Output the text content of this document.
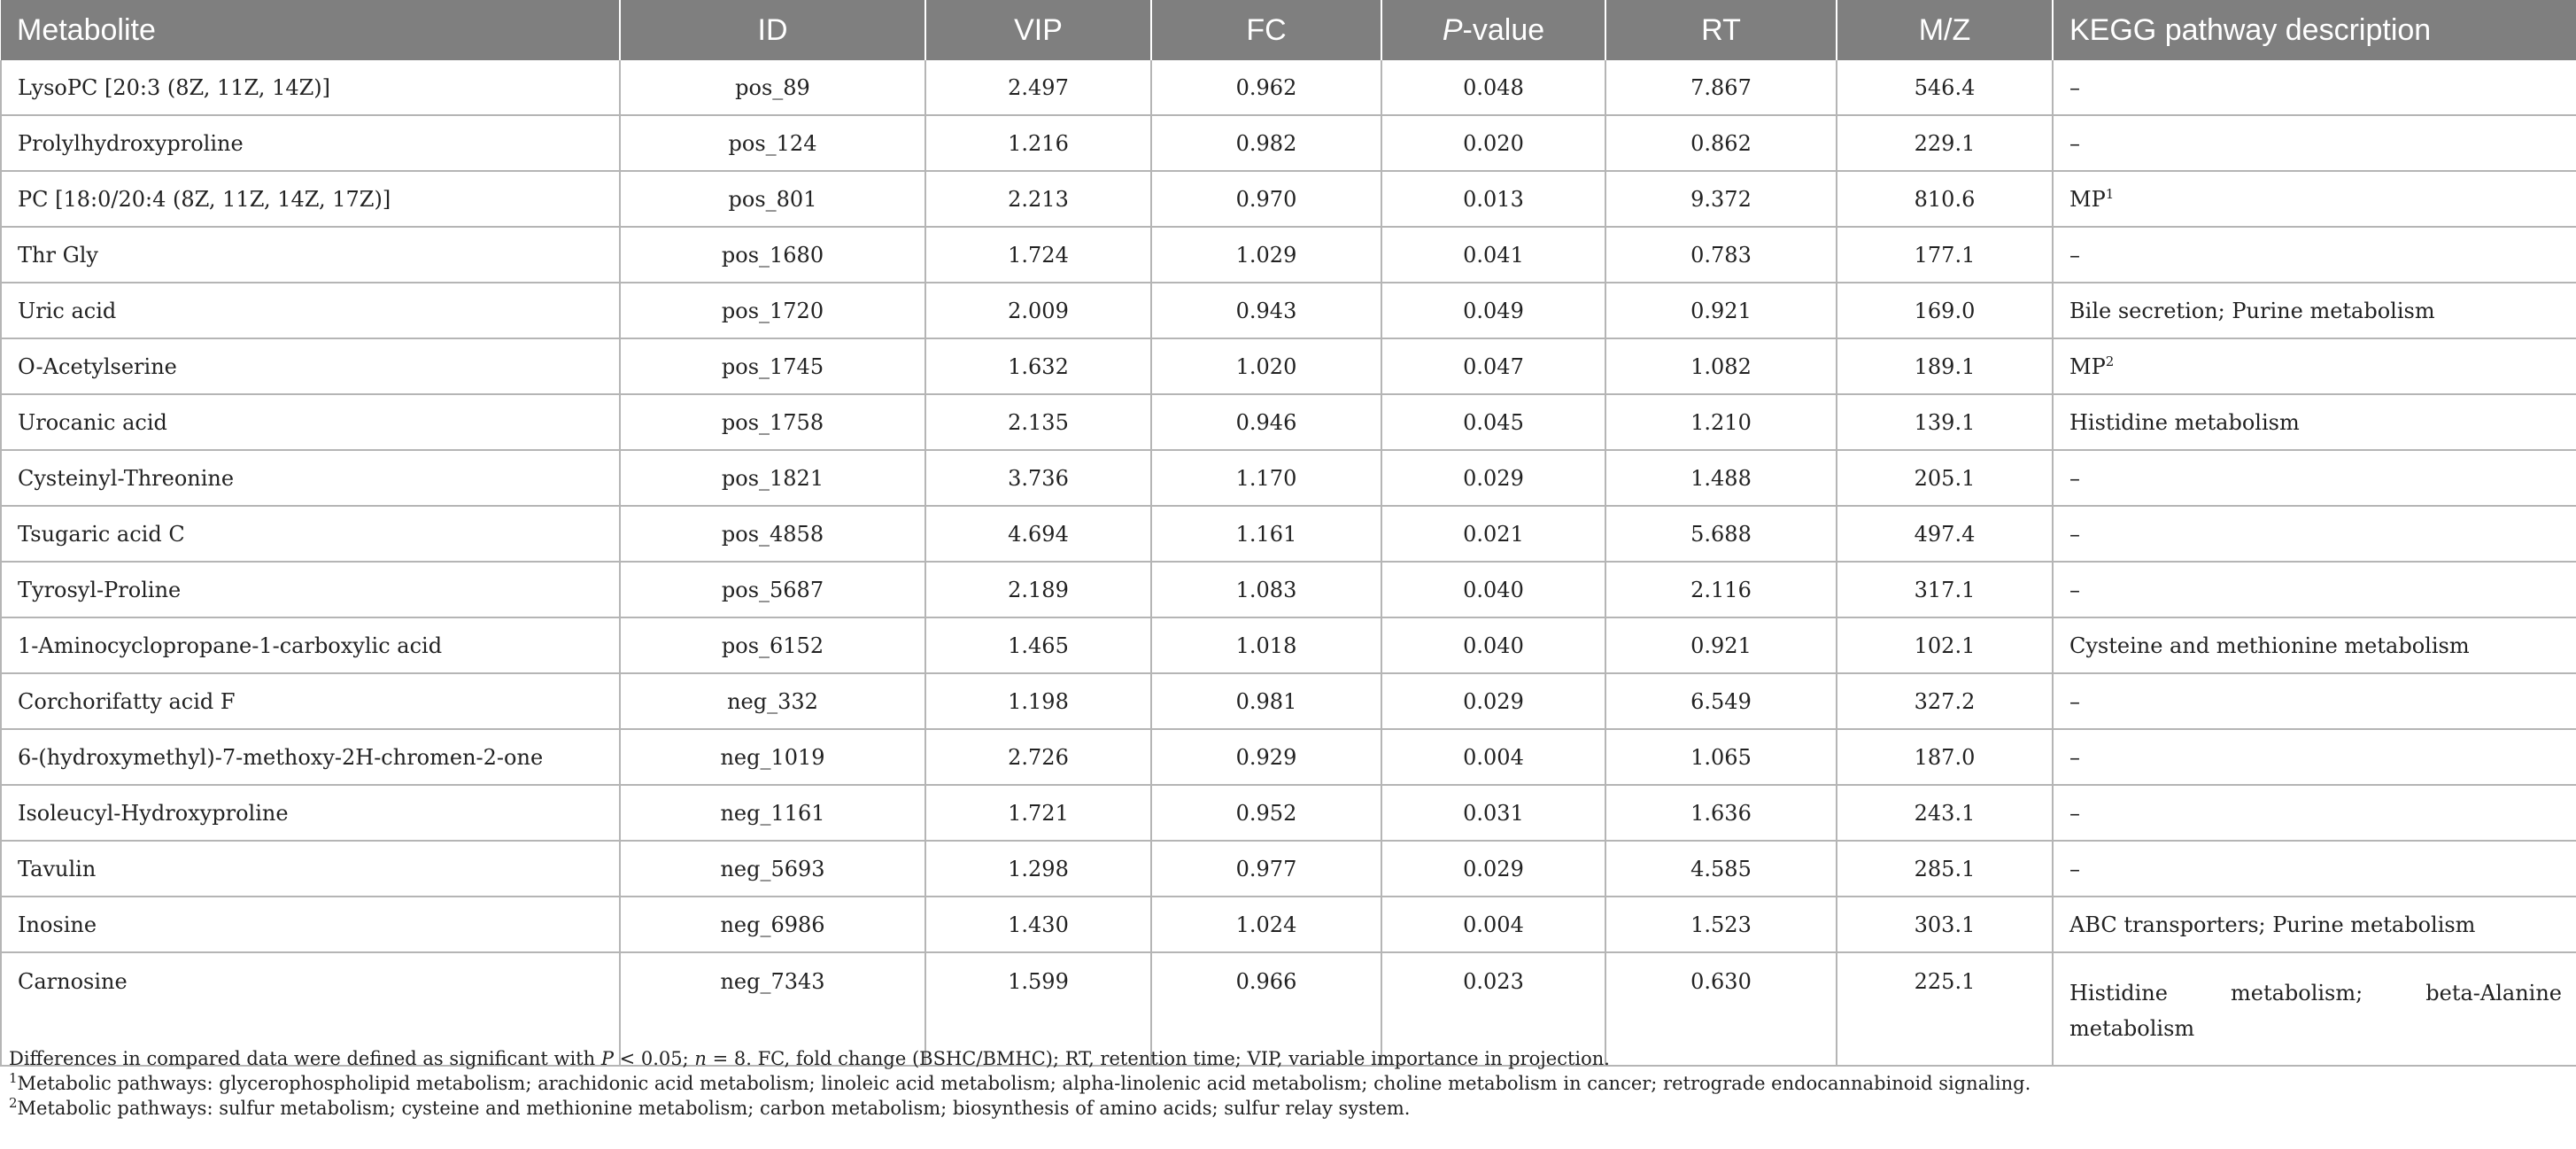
Metabolite	ID	VIP	FC	P-value	RT	M/Z	KEGG pathway description
LysoPC [20:3 (8Z, 11Z, 14Z)]	pos_89	2.497	0.962	0.048	7.867	546.4	–
Prolylhydroxyproline	pos_124	1.216	0.982	0.020	0.862	229.1	–
PC [18:0/20:4 (8Z, 11Z, 14Z, 17Z)]	pos_801	2.213	0.970	0.013	9.372	810.6	$MP^1$
Thr Gly	pos_1680	1.724	1.029	0.041	0.783	177.1	–
Uric acid	pos_1720	2.009	0.943	0.049	0.921	169.0	Bile secretion; Purine metabolism
O-Acetylserine	pos_1745	1.632	1.020	0.047	1.082	189.1	$MP^2$
Urocanic acid	pos_1758	2.135	0.946	0.045	1.210	139.1	Histidine metabolism
Cysteinyl-Threonine	pos_1821	3.736	1.170	0.029	1.488	205.1	–
Tsugaric acid C	pos_4858	4.694	1.161	0.021	5.688	497.4	–
Tyrosyl-Proline	pos_5687	2.189	1.083	0.040	2.116	317.1	–
1-Aminocyclopropane-1-carboxylic acid	pos_6152	1.465	1.018	0.040	0.921	102.1	Cysteine and methionine metabolism
Corchorifatty acid F	neg_332	1.198	0.981	0.029	6.549	327.2	–
6-(hydroxymethyl)-7-methoxy-2H-chromen-2-one	neg_1019	2.726	0.929	0.004	1.065	187.0	–
Isoleucyl-Hydroxyproline	neg_1161	1.721	0.952	0.031	1.636	243.1	–
Tavulin	neg_5693	1.298	0.977	0.029	4.585	285.1	–
Inosine	neg_6986	1.430	1.024	0.004	1.523	303.1	ABC transporters; Purine metabolism
Carnosine	neg_7343	1.599	0.966	0.023	0.630	225.1	Histidine metabolism; beta-Alanine metabolism

Differences in compared data were defined as significant with P < 0.05; n = 8. FC, fold change (BSHC/BMHC); RT, retention time; VIP, variable importance in projection.

$^1$Metabolic pathways: glycerophospholipid metabolism; arachidonic acid metabolism; linoleic acid metabolism; alpha-linolenic acid metabolism; choline metabolism in cancer; retrograde endocannabinoid signaling.

$^2$Metabolic pathways: sulfur metabolism; cysteine and methionine metabolism; carbon metabolism; biosynthesis of amino acids; sulfur relay system.
